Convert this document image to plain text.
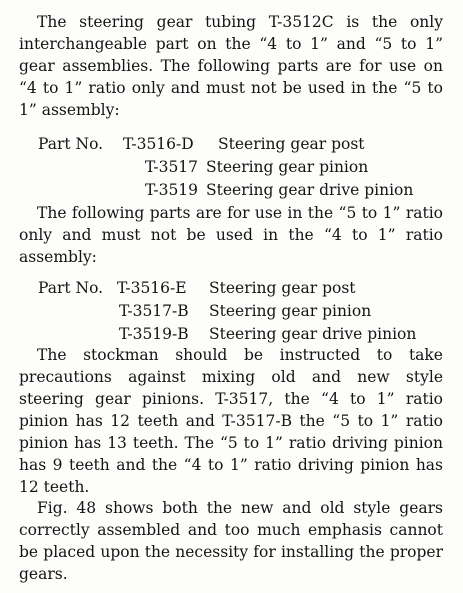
The steering gear tubing T-3512C is the only interchangeable part on the “4 to 1” and “5 to 1” gear assemblies. The following parts are for use on “4 to 1” ratio only and must not be used in the “5 to 1” assembly:

Part No. T-3516-D Steering gear post
T-3517 Steering gear pinion
T-3519 Steering gear drive pinion

The following parts are for use in the “5 to 1” ratio only and must not be used in the “4 to 1” ratio assembly:

Part No. T-3516-E Steering gear post
T-3517-B Steering gear pinion
T-3519-B Steering gear drive pinion

The stockman should be instructed to take precautions against mixing old and new style steering gear pinions. T-3517, the “4 to 1” ratio pinion has 12 teeth and T-3517-B the “5 to 1” ratio pinion has 13 teeth. The “5 to 1” ratio driving pinion has 9 teeth and the “4 to 1” ratio driving pinion has 12 teeth.

Fig. 48 shows both the new and old style gears correctly assembled and too much emphasis cannot be placed upon the necessity for installing the proper gears.
